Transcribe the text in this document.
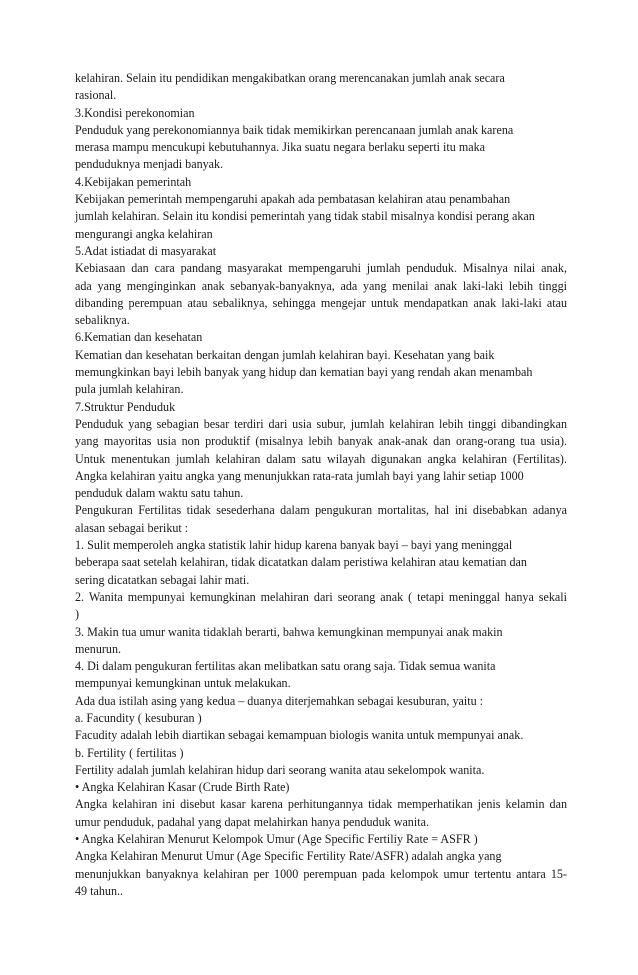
kelahiran. Selain itu pendidikan mengakibatkan orang merencanakan jumlah anak secara
rasional.
3.Kondisi perekonomian
Penduduk yang perekonomiannya baik tidak memikirkan perencanaan jumlah anak karena
merasa mampu mencukupi kebutuhannya. Jika suatu negara berlaku seperti itu maka
penduduknya menjadi banyak.
4.Kebijakan pemerintah
Kebijakan pemerintah mempengaruhi apakah ada pembatasan kelahiran atau penambahan
jumlah kelahiran. Selain itu kondisi pemerintah yang tidak stabil misalnya kondisi perang akan
mengurangi angka kelahiran
5.Adat istiadat di masyarakat
Kebiasaan dan cara pandang masyarakat mempengaruhi jumlah penduduk. Misalnya nilai anak,
ada yang menginginkan anak sebanyak-banyaknya, ada yang menilai anak laki-laki lebih tinggi
dibanding perempuan atau sebaliknya, sehingga mengejar untuk mendapatkan anak laki-laki atau
sebaliknya.
6.Kematian dan kesehatan
Kematian dan kesehatan berkaitan dengan jumlah kelahiran bayi. Kesehatan yang baik
memungkinkan bayi lebih banyak yang hidup dan kematian bayi yang rendah akan menambah
pula jumlah kelahiran.
7.Struktur Penduduk
Penduduk yang sebagian besar terdiri dari usia subur, jumlah kelahiran lebih tinggi dibandingkan
yang mayoritas usia non produktif (misalnya lebih banyak anak-anak dan orang-orang tua usia).
Untuk menentukan jumlah kelahiran dalam satu wilayah digunakan angka kelahiran (Fertilitas).
Angka kelahiran yaitu angka yang menunjukkan rata-rata jumlah bayi yang lahir setiap 1000
penduduk dalam waktu satu tahun.
Pengukuran Fertilitas tidak sesederhana dalam pengukuran mortalitas, hal ini disebabkan adanya
alasan sebagai berikut :
1. Sulit memperoleh angka statistik lahir hidup karena banyak bayi – bayi yang meninggal
beberapa saat setelah kelahiran, tidak dicatatkan dalam peristiwa kelahiran atau kematian dan
sering dicatatkan sebagai lahir mati.
2. Wanita mempunyai kemungkinan melahiran dari seorang anak ( tetapi meninggal hanya sekali
)
3. Makin tua umur wanita tidaklah berarti, bahwa kemungkinan mempunyai anak makin
menurun.
4. Di dalam pengukuran fertilitas akan melibatkan satu orang saja. Tidak semua wanita
mempunyai kemungkinan untuk melakukan.
Ada dua istilah asing yang kedua – duanya diterjemahkan sebagai kesuburan, yaitu :
a. Facundity ( kesuburan )
Facudity adalah lebih diartikan sebagai kemampuan biologis wanita untuk mempunyai anak.
b. Fertility ( fertilitas )
Fertility adalah jumlah kelahiran hidup dari seorang wanita atau sekelompok wanita.
• Angka Kelahiran Kasar (Crude Birth Rate)
Angka kelahiran ini disebut kasar karena perhitungannya tidak memperhatikan jenis kelamin dan
umur penduduk, padahal yang dapat melahirkan hanya penduduk wanita.
• Angka Kelahiran Menurut Kelompok Umur (Age Specific Fertiliy Rate = ASFR )
Angka Kelahiran Menurut Umur (Age Specific Fertility Rate/ASFR) adalah angka yang
menunjukkan banyaknya kelahiran per 1000 perempuan pada kelompok umur tertentu antara 15-
49 tahun..
